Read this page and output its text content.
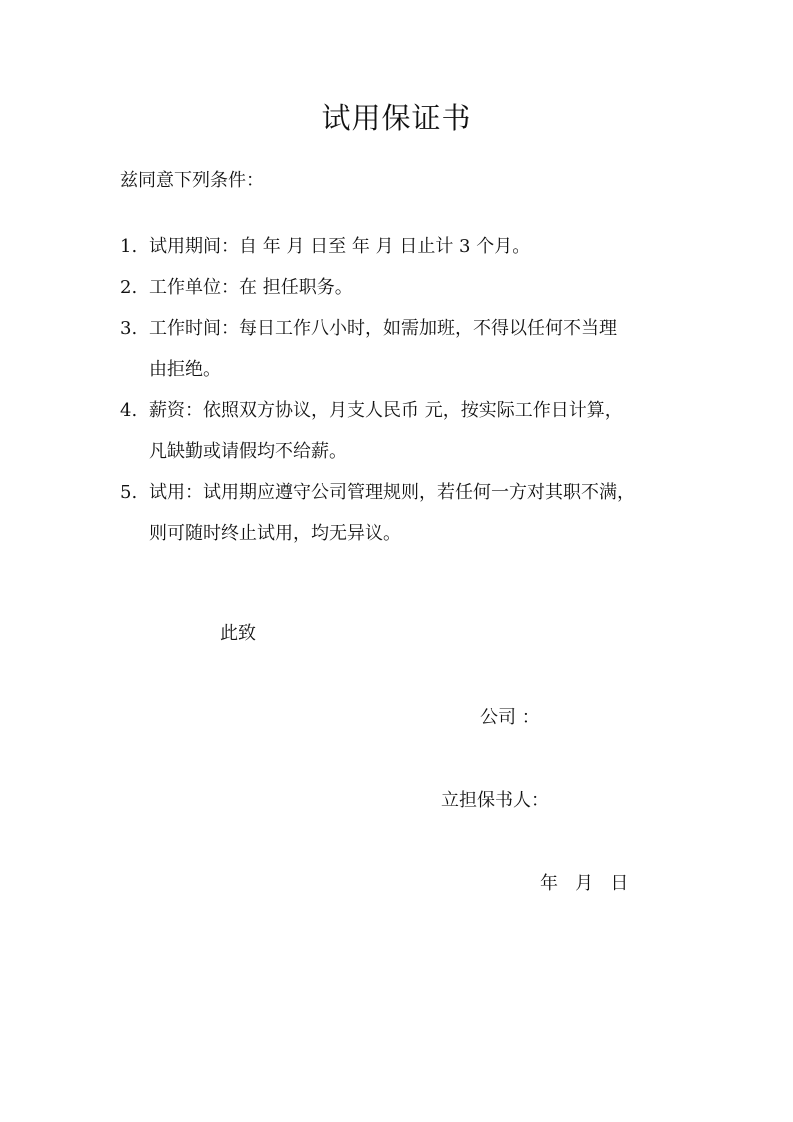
试用保证书
兹同意下列条件：
1. 试用期间：自 年 月 日至 年 月 日止计 3 个月。
2. 工作单位：在 担任职务。
3. 工作时间：每日工作八小时，如需加班，不得以任何不当理
由拒绝。
4. 薪资：依照双方协议，月支人民币 元，按实际工作日计算，
凡缺勤或请假均不给薪。
5. 试用：试用期应遵守公司管理规则，若任何一方对其职不满，
则可随时终止试用，均无异议。
此致
公司 ：
立担保书人：
年   月   日
